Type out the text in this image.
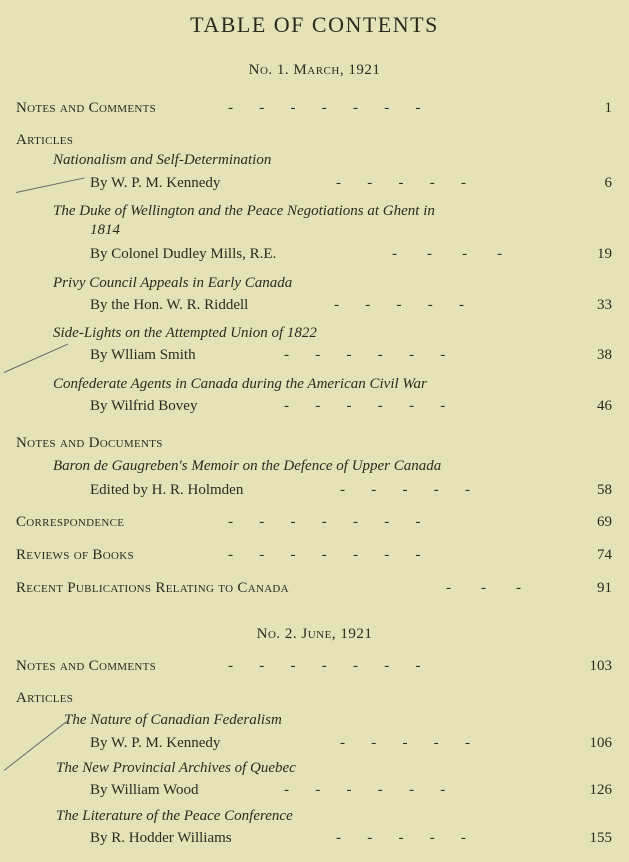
TABLE OF CONTENTS
No. 1. March, 1921
Notes and Comments	-       -       -       -       -       -       -	1
Articles
Nationalism and Self-Determination
By W. P. M. Kennedy	-       -       -       -       -	6
The Duke of Wellington and the Peace Negotiations at Ghent in
1814
By Colonel Dudley Mills, R.E.	-        -        -        -	19
Privy Council Appeals in Early Canada
By the Hon. W. R. Riddell	-       -       -       -       -	33
Side-Lights on the Attempted Union of 1822
By Wlliam Smith	-       -       -       -       -       -	38
Confederate Agents in Canada during the American Civil War
By Wilfrid Bovey	-       -       -       -       -       -	46
Notes and Documents
Baron de Gaugreben's Memoir on the Defence of Upper Canada
Edited by H. R. Holmden	-       -       -       -       -	58
Correspondence	-       -       -       -       -       -       -	69
Reviews of Books	-       -       -       -       -       -       -	74
Recent Publications Relating to Canada	-        -        -	91
No. 2. June, 1921
Notes and Comments	-       -       -       -       -       -       -	103
Articles
The Nature of Canadian Federalism
By W. P. M. Kennedy	-       -       -       -       -	106
The New Provincial Archives of Quebec
By William Wood	-       -       -       -       -       -	126
The Literature of the Peace Conference
By R. Hodder Williams	-       -       -       -       -	155
